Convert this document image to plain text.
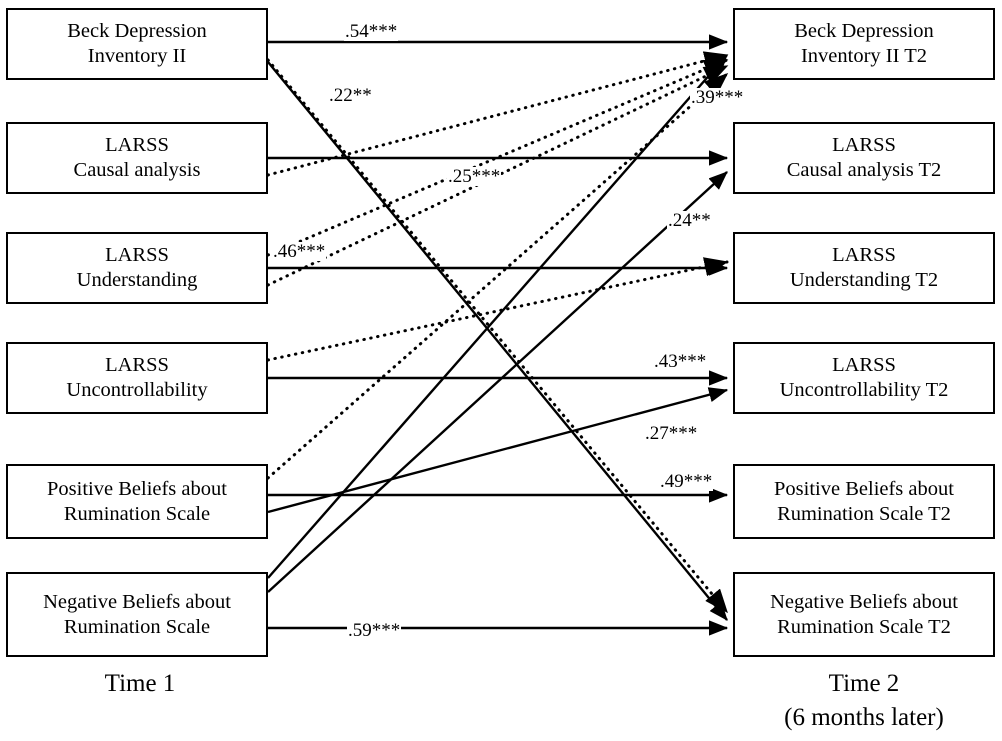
Beck Depression
Inventory II
LARSS
Causal analysis
LARSS
Understanding
LARSS
Uncontrollability
Positive Beliefs about
Rumination Scale
Negative Beliefs about
Rumination Scale
Beck Depression
Inventory II T2
LARSS
Causal analysis T2
LARSS
Understanding T2
LARSS
Uncontrollability T2
Positive Beliefs about
Rumination Scale T2
Negative Beliefs about
Rumination Scale T2
.54***
.22**	.39***
.25***
.24**
.46***
.43***
.27***
.49***
.59***
Time 1	Time 2
(6 months later)
